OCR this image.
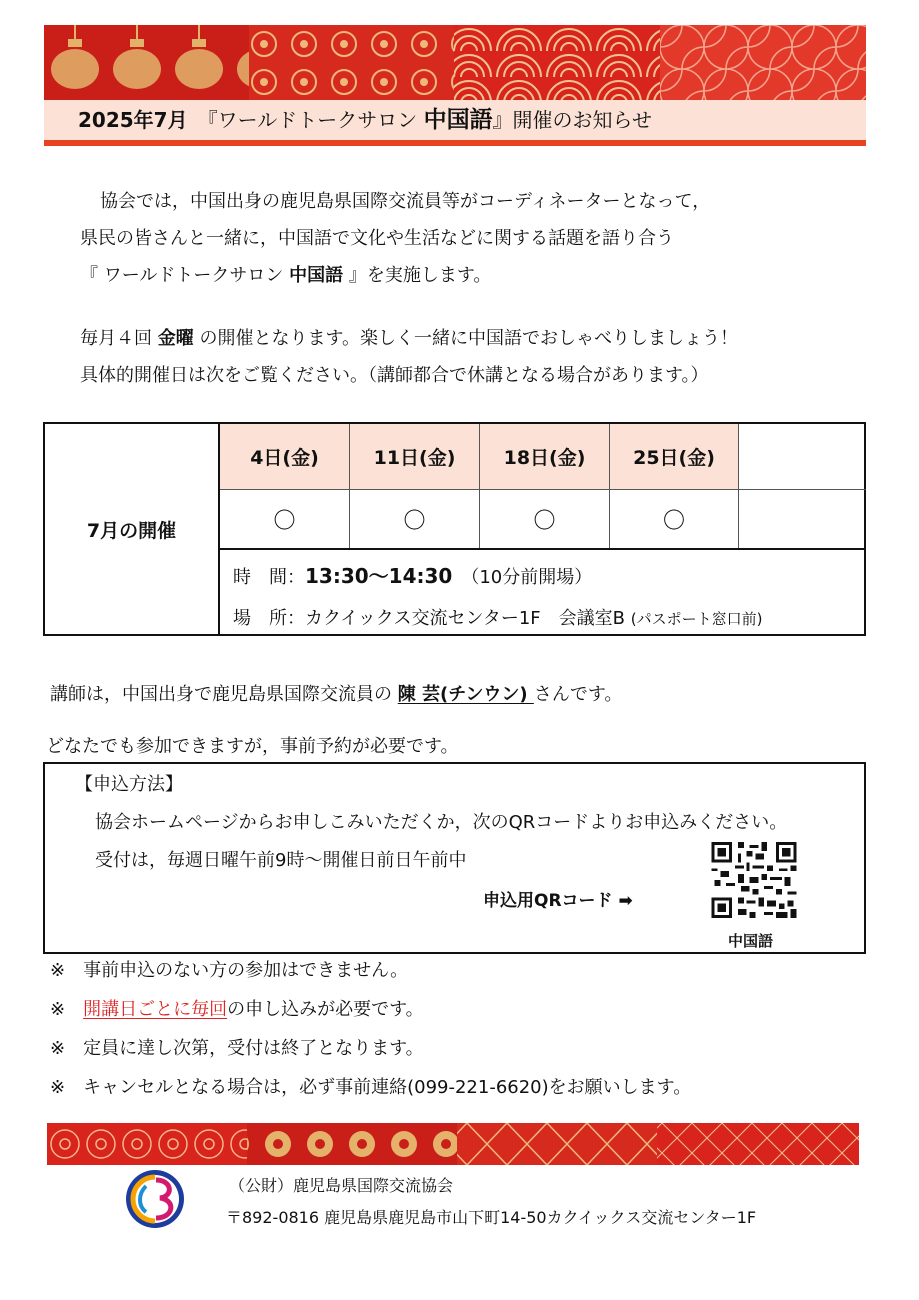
2025年7月　 『ワールドトークサロン 中国語』開催のお知らせ
協会では，中国出身の鹿児島県国際交流員等がコーディネーターとなって，
県民の皆さんと一緒に，中国語で文化や生活などに関する話題を語り合う
『 ワールドトークサロン 中国語 』を実施します。
毎月４回 金曜 の開催となります。楽しく一緒に中国語でおしゃべりしましょう！
具体的開催日は次をご覧ください。（講師都合で休講となる場合があります。）
7月の開催
4日(金)	11日(金)	18日(金)	25日(金)
〇	〇	〇	〇
時　間：13:30〜14:30　 （10分前開場）
場　所：カクイックス交流センター1F　会議室B (パスポート窓口前)
講師は，中国出身で鹿児島県国際交流員の 陳 芸(チンウン) さんです。
どなたでも参加できますが，事前予約が必要です。
【申込方法】
協会ホームページからお申しこみいただくか，次のQRコードよりお申込みください。
受付は，毎週日曜午前9時〜開催日前日午前中
申込用QRコード ➡
中国語
※　 事前申込のない方の参加はできません。
※　 開講日ごとに毎回の申し込みが必要です。
※　 定員に達し次第，受付は終了となります。
※　 キャンセルとなる場合は，必ず事前連絡(099-221-6620)をお願いします。
（公財）鹿児島県国際交流協会
〒892-0816 鹿児島県鹿児島市山下町14-50カクイックス交流センター1F
